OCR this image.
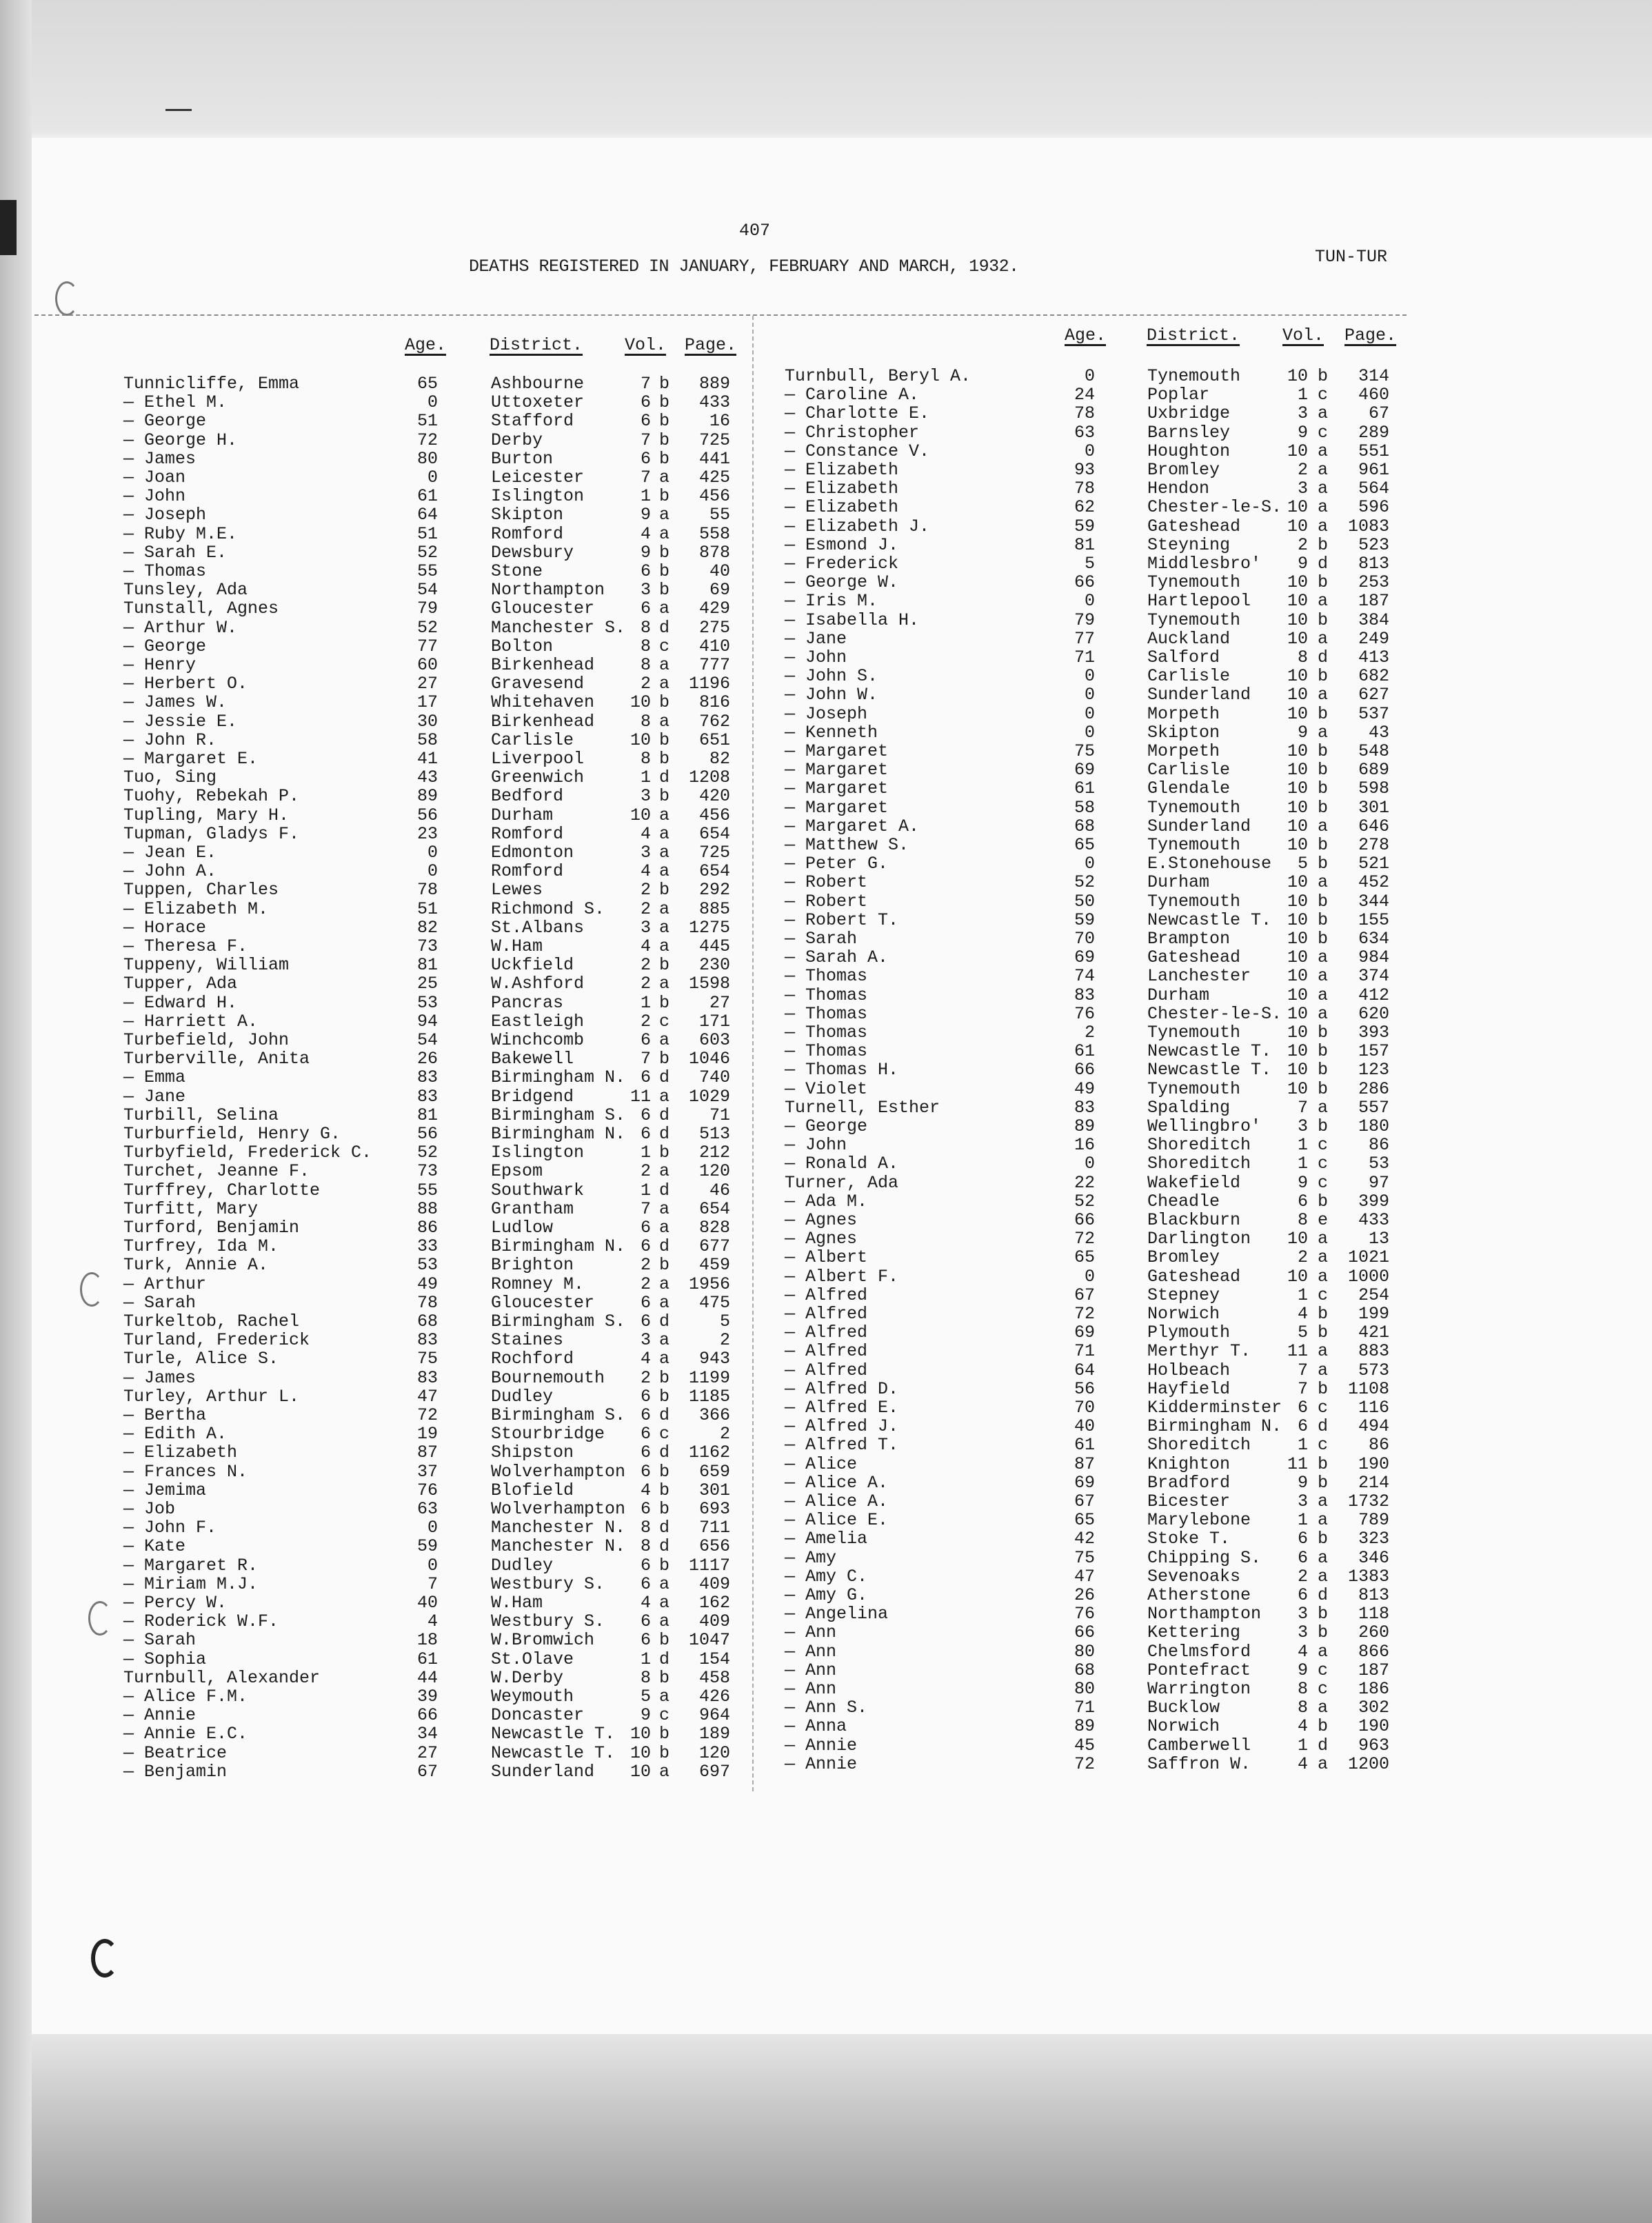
407
DEATHS REGISTERED IN JANUARY, FEBRUARY AND MARCH, 1932.	TUN-TUR
Age.	District. Vol. Page.	Age. District. Vol. Page.
Tunnicliffe, Emma	65	Ashbourne	7 b	889
— Ethel M.	0	Uttoxeter	6 b	433
— George	51	Stafford	6 b	16
— George H.	72	Derby	7 b	725
— James	80	Burton	6 b	441
— Joan	0	Leicester	7 a	425
— John	61	Islington	1 b	456
— Joseph	64	Skipton	9 a	55
— Ruby M.E.	51	Romford	4 a	558
— Sarah E.	52	Dewsbury	9 b	878
— Thomas	55	Stone	6 b	40
Tunsley, Ada	54	Northampton	3 b	69
Tunstall, Agnes	79	Gloucester	6 a	429
— Arthur W.	52	Manchester S. 8 d	275
— George	77	Bolton	8 c	410
— Henry	60	Birkenhead	8 a	777
— Herbert O.	27	Gravesend	2 a 1196
— James W.	17	Whitehaven 10 b	816
— Jessie E.	30	Birkenhead	8 a	762
— John R.	58	Carlisle	10 b	651
— Margaret E.	41	Liverpool	8 b	82
Tuo, Sing	43	Greenwich	1 d 1208
Tuohy, Rebekah P.	89	Bedford	3 b	420
Tupling, Mary H.	56	Durham	10 a	456
Tupman, Gladys F.	23	Romford	4 a	654
— Jean E.	0	Edmonton	3 a	725
— John A.	0	Romford	4 a	654
Tuppen, Charles	78	Lewes	2 b	292
— Elizabeth M.	51	Richmond S.	2 a	885
— Horace	82	St.Albans	3 a 1275
— Theresa F.	73	W.Ham	4 a	445
Tuppeny, William	81	Uckfield	2 b	230
Tupper, Ada	25	W.Ashford	2 a 1598
— Edward H.	53	Pancras	1 b	27
— Harriett A.	94	Eastleigh	2 c	171
Turbefield, John	54	Winchcomb	6 a	603
Turberville, Anita	26	Bakewell	7 b 1046
— Emma	83	Birmingham N. 6 d	740
— Jane	83	Bridgend	11 a 1029
Turbill, Selina	81	Birmingham S. 6 d	71
Turburfield, Henry G.	56	Birmingham N. 6 d	513
Turbyfield, Frederick C.	52	Islington	1 b	212
Turchet, Jeanne F.	73	Epsom	2 a	120
Turffrey, Charlotte	55	Southwark	1 d	46
Turfitt, Mary	88	Grantham	7 a	654
Turford, Benjamin	86	Ludlow	6 a	828
Turfrey, Ida M.	33	Birmingham N. 6 d	677
Turk, Annie A.	53	Brighton	2 b	459
— Arthur	49	Romney M.	2 a 1956
— Sarah	78	Gloucester	6 a	475
Turkeltob, Rachel	68	Birmingham S. 6 d	5
Turland, Frederick	83	Staines	3 a	2
Turle, Alice S.	75	Rochford	4 a	943
— James	83	Bournemouth	2 b 1199
Turley, Arthur L.	47	Dudley	6 b 1185
— Bertha	72	Birmingham S. 6 d	366
— Edith A.	19	Stourbridge	6 c	2
— Elizabeth	87	Shipston	6 d 1162
— Frances N.	37	Wolverhampton 6 b	659
— Jemima	76	Blofield	4 b	301
— Job	63	Wolverhampton 6 b	693
— John F.	0	Manchester N. 8 d	711
— Kate	59	Manchester N. 8 d	656
— Margaret R.	0	Dudley	6 b 1117
— Miriam M.J.	7	Westbury S.	6 a	409
— Percy W.	40	W.Ham	4 a	162
— Roderick W.F.	4	Westbury S.	6 a	409
— Sarah	18	W.Bromwich	6 b 1047
— Sophia	61	St.Olave	1 d	154
Turnbull, Alexander	44	W.Derby	8 b	458
— Alice F.M.	39	Weymouth	5 a	426
— Annie	66	Doncaster	9 c	964
— Annie E.C.	34	Newcastle T. 10 b	189
— Beatrice	27	Newcastle T. 10 b	120
— Benjamin	67	Sunderland 10 a	697
Turnbull, Beryl A.	0	Tynemouth	10 b	314
— Caroline A.	24	Poplar	1 c	460
— Charlotte E.	78	Uxbridge	3 a	67
— Christopher	63	Barnsley	9 c	289
— Constance V.	0	Houghton	10 a	551
— Elizabeth	93	Bromley	2 a	961
— Elizabeth	78	Hendon	3 a	564
— Elizabeth	62	Chester-le-S. 10 a	596
— Elizabeth J.	59	Gateshead	10 a 1083
— Esmond J.	81	Steyning	2 b	523
— Frederick	5	Middlesbro'	9 d	813
— George W.	66	Tynemouth	10 b	253
— Iris M.	0	Hartlepool 10 a	187
— Isabella H.	79	Tynemouth	10 b	384
— Jane	77	Auckland	10 a	249
— John	71	Salford	8 d	413
— John S.	0	Carlisle	10 b	682
— John W.	0	Sunderland 10 a	627
— Joseph	0	Morpeth	10 b	537
— Kenneth	0	Skipton	9 a	43
— Margaret	75	Morpeth	10 b	548
— Margaret	69	Carlisle	10 b	689
— Margaret	61	Glendale	10 b	598
— Margaret	58	Tynemouth	10 b	301
— Margaret A.	68	Sunderland 10 a	646
— Matthew S.	65	Tynemouth	10 b	278
— Peter G.	0	E.Stonehouse	5 b	521
— Robert	52	Durham	10 a	452
— Robert	50	Tynemouth	10 b	344
— Robert T.	59	Newcastle T. 10 b	155
— Sarah	70	Brampton	10 b	634
— Sarah A.	69	Gateshead	10 a	984
— Thomas	74	Lanchester 10 a	374
— Thomas	83	Durham	10 a	412
— Thomas	76	Chester-le-S. 10 a	620
— Thomas	2	Tynemouth	10 b	393
— Thomas	61	Newcastle T. 10 b	157
— Thomas H.	66	Newcastle T. 10 b	123
— Violet	49	Tynemouth	10 b	286
Turnell, Esther	83	Spalding	7 a	557
— George	89	Wellingbro'	3 b	180
— John	16	Shoreditch	1 c	86
— Ronald A.	0	Shoreditch	1 c	53
Turner, Ada	22	Wakefield	9 c	97
— Ada M.	52	Cheadle	6 b	399
— Agnes	66	Blackburn	8 e	433
— Agnes	72	Darlington 10 a	13
— Albert	65	Bromley	2 a 1021
— Albert F.	0	Gateshead	10 a 1000
— Alfred	67	Stepney	1 c	254
— Alfred	72	Norwich	4 b	199
— Alfred	69	Plymouth	5 b	421
— Alfred	71	Merthyr T. 11 a	883
— Alfred	64	Holbeach	7 a	573
— Alfred D.	56	Hayfield	7 b 1108
— Alfred E.	70	Kidderminster 6 c	116
— Alfred J.	40	Birmingham N. 6 d	494
— Alfred T.	61	Shoreditch	1 c	86
— Alice	87	Knighton	11 b	190
— Alice A.	69	Bradford	9 b	214
— Alice A.	67	Bicester	3 a 1732
— Alice E.	65	Marylebone	1 a	789
— Amelia	42	Stoke T.	6 b	323
— Amy	75	Chipping S.	6 a	346
— Amy C.	47	Sevenoaks	2 a 1383
— Amy G.	26	Atherstone	6 d	813
— Angelina	76	Northampton	3 b	118
— Ann	66	Kettering	3 b	260
— Ann	80	Chelmsford	4 a	866
— Ann	68	Pontefract	9 c	187
— Ann	80	Warrington	8 c	186
— Ann S.	71	Bucklow	8 a	302
— Anna	89	Norwich	4 b	190
— Annie	45	Camberwell	1 d	963
— Annie	72	Saffron W.	4 a 1200
